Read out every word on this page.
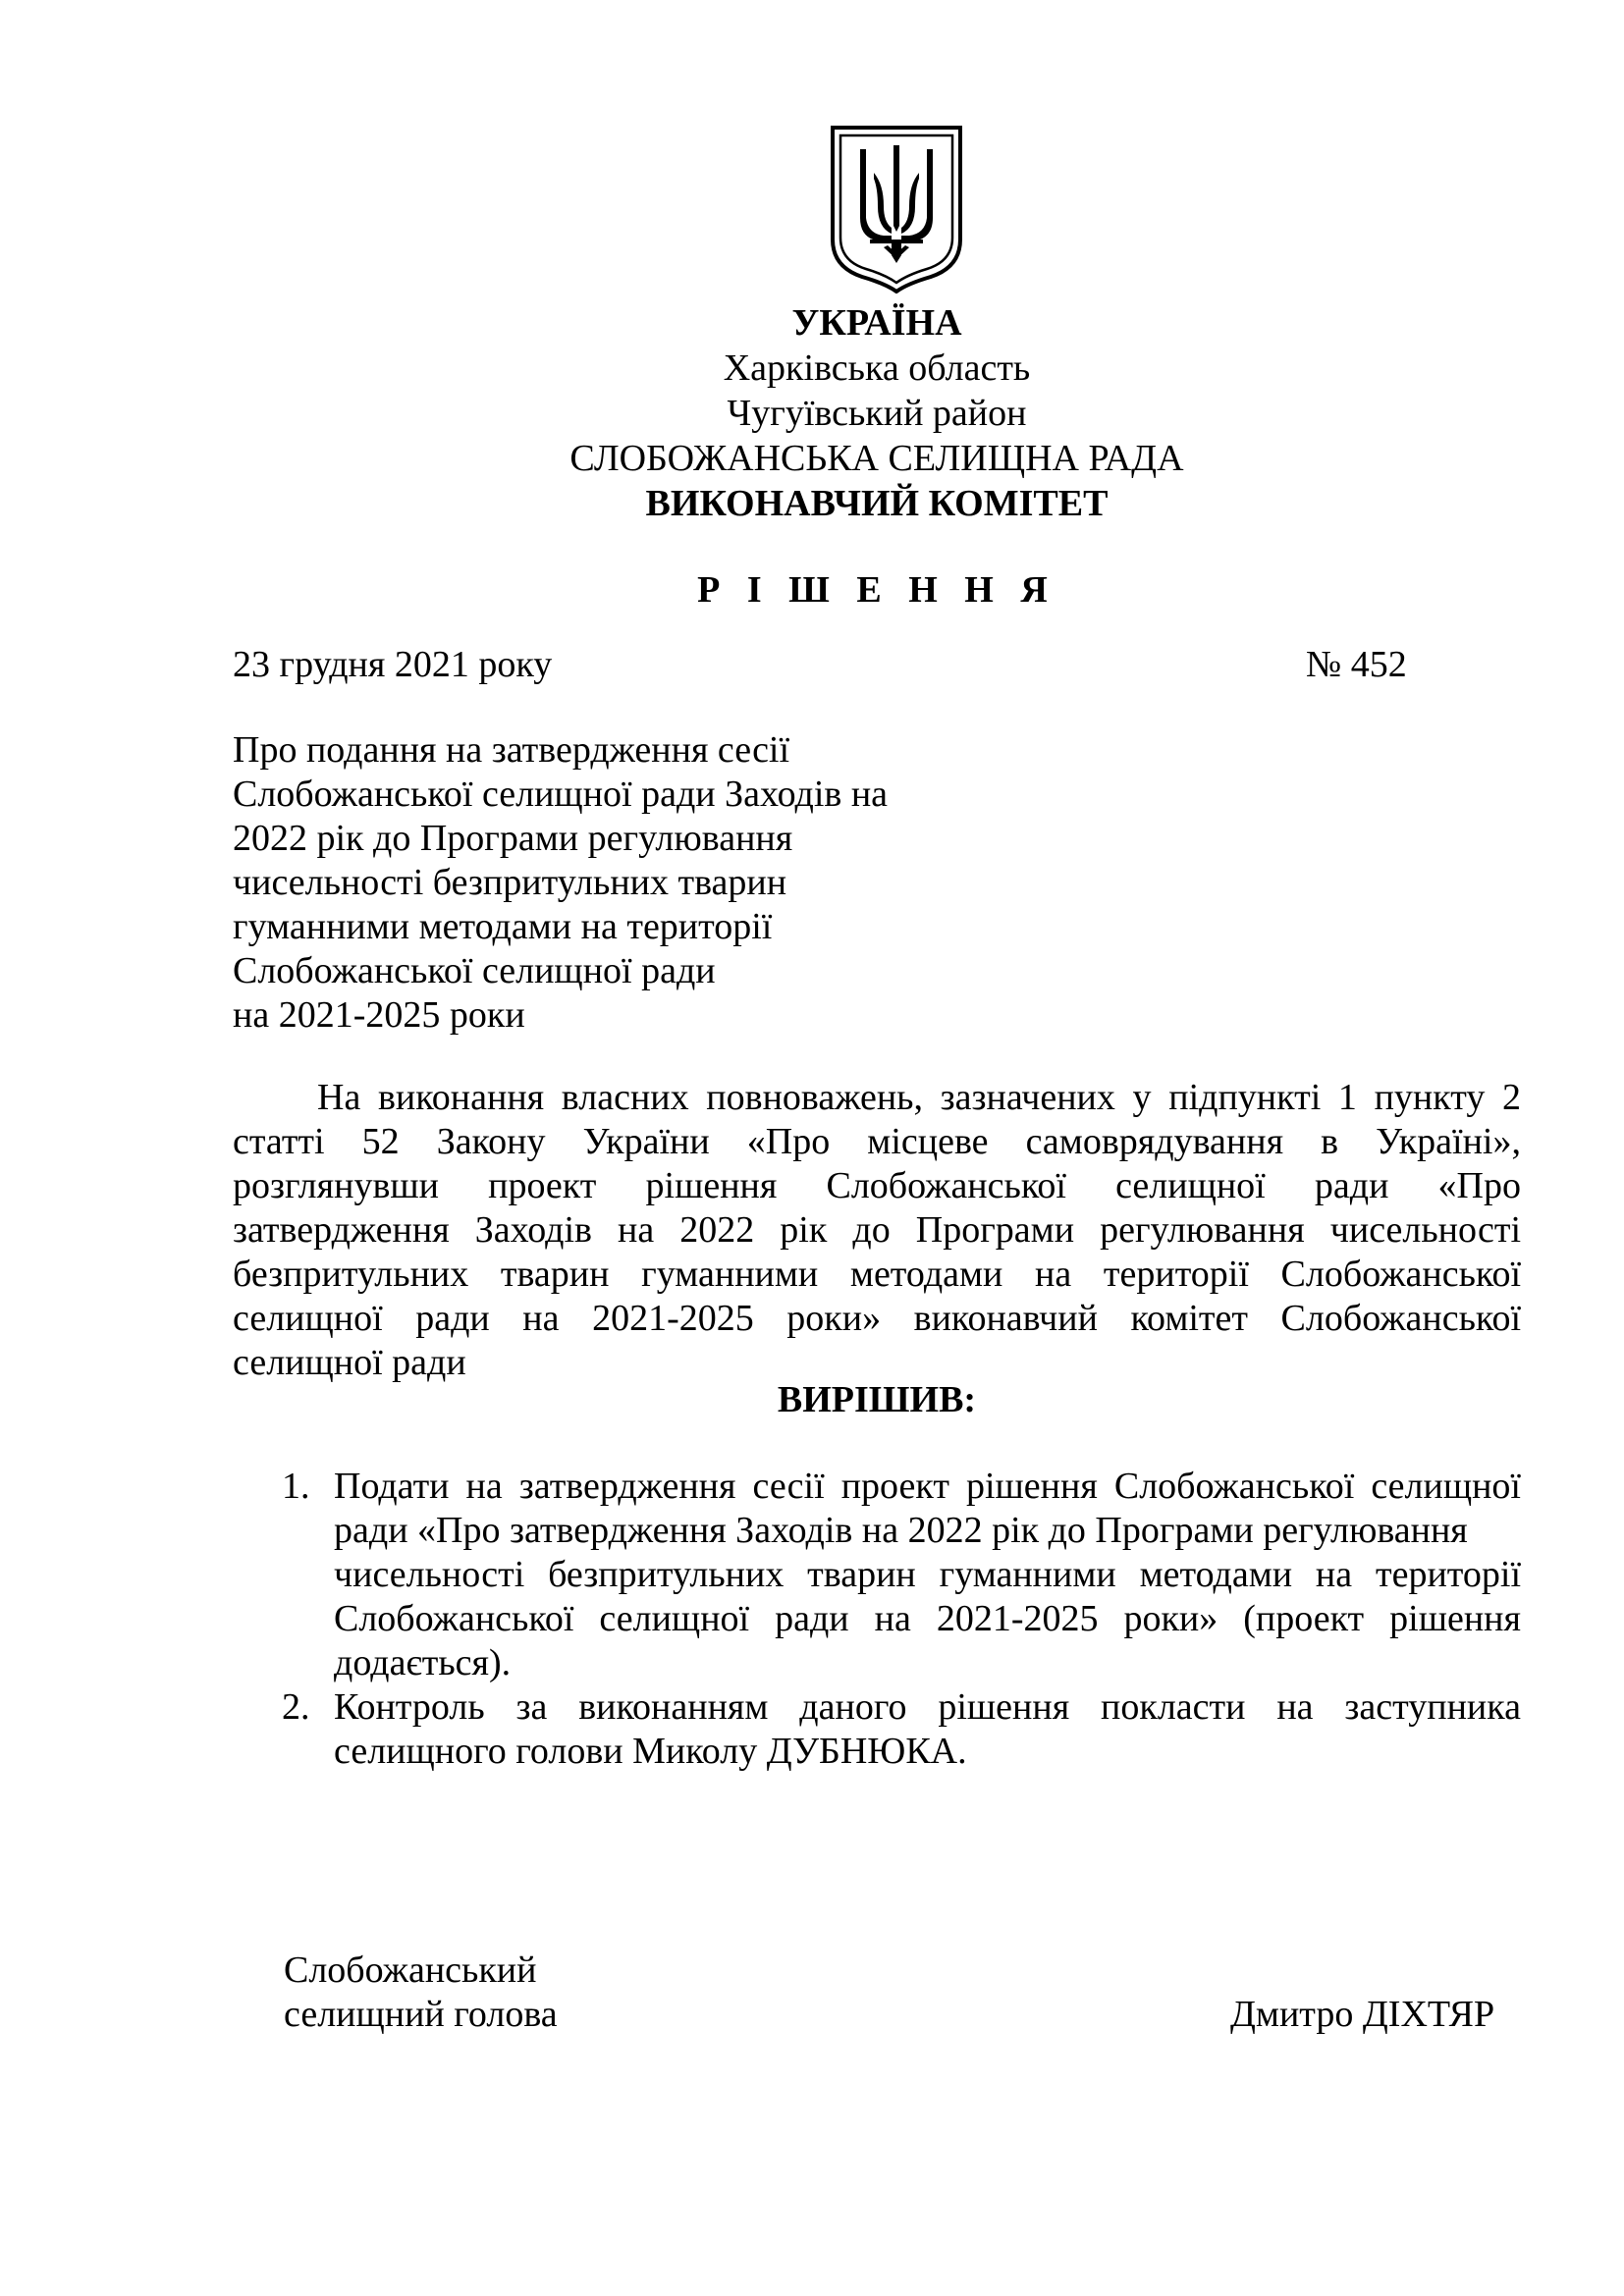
УКРАЇНА
Харківська область
Чугуївський район
СЛОБОЖАНСЬКА СЕЛИЩНА РАДА
ВИКОНАВЧИЙ КОМІТЕТ
Р І Ш Е Н Н Я
23 грудня 2021 року	№ 452
Про подання на затвердження сесії
Слобожанської селищної ради Заходів на
2022 рік до Програми регулювання
чисельності безпритульних тварин
гуманними методами на території
Слобожанської селищної ради
на 2021-2025 роки
На виконання власних повноважень, зазначених у підпункті 1 пункту 2
статті 52 Закону України «Про місцеве самоврядування в Україні»,
розглянувши проект рішення Слобожанської селищної ради «Про
затвердження Заходів на 2022 рік до Програми регулювання чисельності
безпритульних тварин гуманними методами на території Слобожанської
селищної ради на 2021-2025 роки» виконавчий комітет Слобожанської
селищної ради
ВИРІШИВ:
1. Подати на затвердження сесії проект рішення Слобожанської селищної
ради «Про затвердження Заходів на 2022 рік до Програми регулювання
чисельності безпритульних тварин гуманними методами на території
Слобожанської селищної ради на 2021-2025 роки» (проект рішення
додається).
2. Контроль за виконанням даного рішення покласти на заступника
селищного голови Миколу ДУБНЮКА.
Слобожанський
селищний голова	Дмитро ДІХТЯР
